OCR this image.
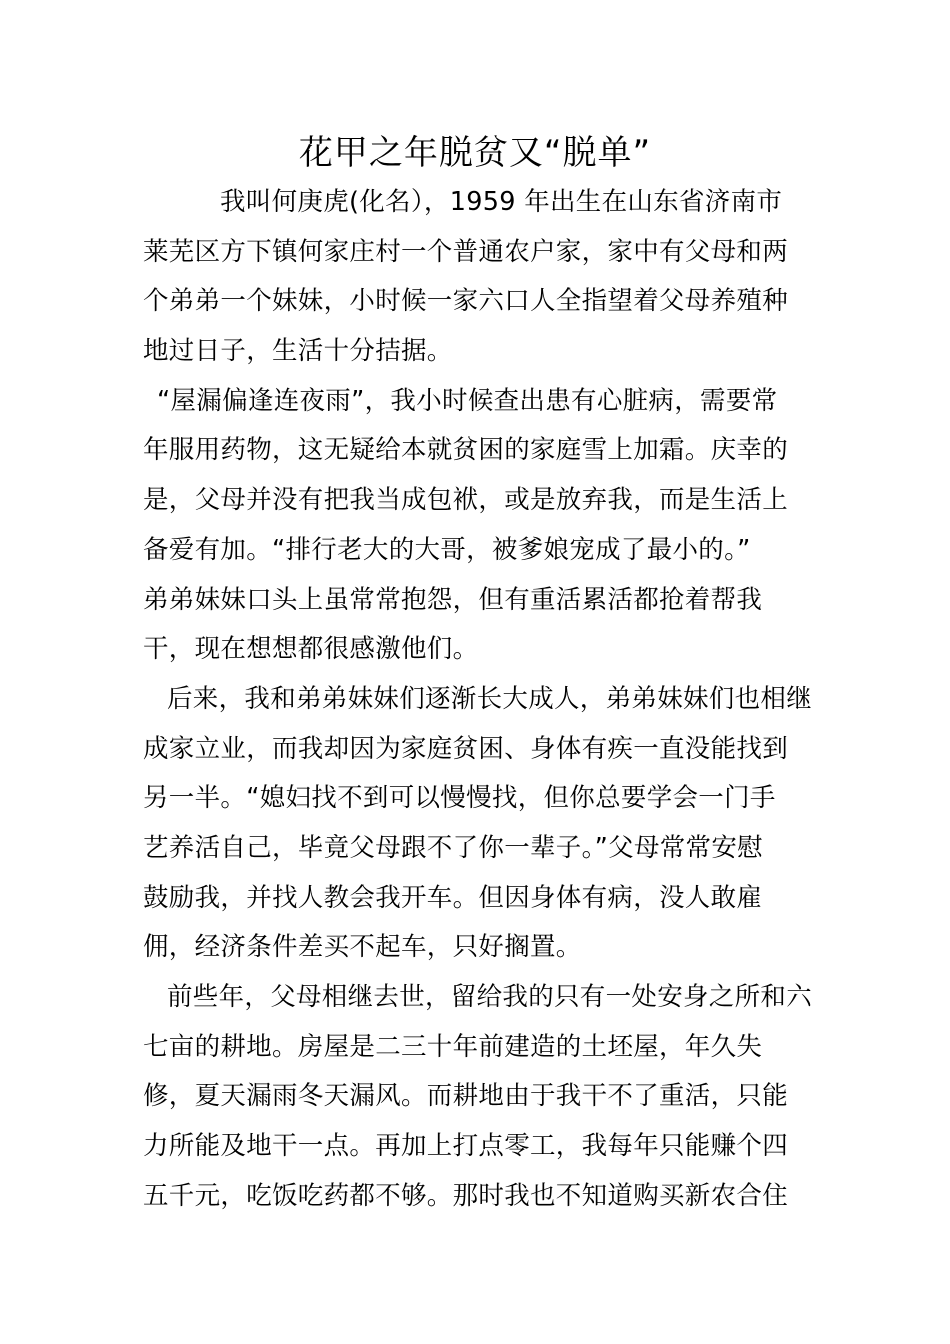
花甲之年脱贫又“脱单”
我叫何庚虎(化名），1959 年出生在山东省济南市
莱芜区方下镇何家庄村一个普通农户家，家中有父母和两
个弟弟一个妹妹，小时候一家六口人全指望着父母养殖种
地过日子，生活十分拮据。
“屋漏偏逢连夜雨”，我小时候查出患有心脏病，需要常
年服用药物，这无疑给本就贫困的家庭雪上加霜。庆幸的
是，父母并没有把我当成包袱，或是放弃我，而是生活上
备爱有加。“排行老大的大哥，被爹娘宠成了最小的。”
弟弟妹妹口头上虽常常抱怨，但有重活累活都抢着帮我
干，现在想想都很感激他们。
后来，我和弟弟妹妹们逐渐长大成人，弟弟妹妹们也相继
成家立业，而我却因为家庭贫困、身体有疾一直没能找到
另一半。“媳妇找不到可以慢慢找，但你总要学会一门手
艺养活自己，毕竟父母跟不了你一辈子。”父母常常安慰
鼓励我，并找人教会我开车。但因身体有病，没人敢雇
佣，经济条件差买不起车，只好搁置。
前些年，父母相继去世，留给我的只有一处安身之所和六
七亩的耕地。房屋是二三十年前建造的土坯屋，年久失
修，夏天漏雨冬天漏风。而耕地由于我干不了重活，只能
力所能及地干一点。再加上打点零工，我每年只能赚个四
五千元，吃饭吃药都不够。那时我也不知道购买新农合住
